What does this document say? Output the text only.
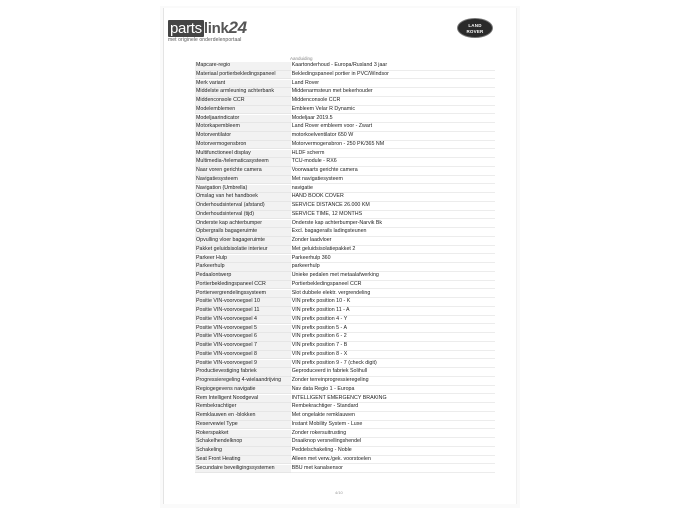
parts link24
met originele onderdelenportaal
LAND
ROVER
Aanduiding
Mapcare-regio	Kaartonderhoud - Europa/Rusland 3 jaar
Materiaal portierbekledingspaneel	Bekledingspaneel portier in PVC/Windsor
Merk variant	Land Rover
Middelste armleuning achterbank	Middenarmsteun met bekerhouder
Middenconsole CCR	Middenconsole CCR
Modelemblemen	Embleem Velar R Dynamic
Modeljaarindicator	Modeljaar 2019.5
Motorkapembleem	Land Rover embleem voor - Zwart
Motorventilator	motorkoelventilator 650 W
Motorvermogensbron	Motorvermogensbron - 250 PK/365 NM
Multifunctioneel display	HLDF scherm
Multimedia-/telematicasysteem	TCU-module - RX6
Naar voren gerichte camera	Voorwaarts gerichte camera
Navigatiesysteem	Met navigatiesysteem
Navigation (Umbrella)	navigatie
Omslag van het handboek	HAND BOOK COVER
Onderhoudsinterval (afstand)	SERVICE DISTANCE 26.000 KM
Onderhoudsinterval (tijd)	SERVICE TIME, 12 MONTHS
Onderste kap achterbumper	Onderste kap achterbumper-Narvik Bk
Opbergrails bagageruimte	Excl. bagagerails ladingsteunen
Opvulling vloer bagageruimte	Zonder laadvloer
Pakket geluidsisolatie interieur	Met geluidsisolatiepakket 2
Parkeer Hulp	Parkeerhulp 360
Parkeerhulp	parkeerhulp
Pedaalontwerp	Unieke pedalen met metaalafwerking
Portierbekledingspaneel CCR	Portierbekledingspaneel CCR
Portiervergrendelingssysteem	Slot dubbele elektr. vergrendeling
Positie VIN-voorvoegsel 10	VIN prefix position 10 - K
Positie VIN-voorvoegsel 11	VIN prefix position 11 - A
Positie VIN-voorvoegsel 4	VIN prefix position 4 - Y
Positie VIN-voorvoegsel 5	VIN prefix position 5 - A
Positie VIN-voorvoegsel 6	VIN prefix position 6 - 2
Positie VIN-voorvoegsel 7	VIN prefix position 7 - B
Positie VIN-voorvoegsel 8	VIN prefix position 8 - X
Positie VIN-voorvoegsel 9	VIN prefix position 9 - 7 (check digit)
Productievestiging fabriek	Geproduceerd in fabriek Solihull
Progressieregeling 4-wielaandrijving	Zonder terreinprogressieregeling
Regiogegevens navigatie	Nav data Regio 1 - Europa
Rem Intelligent Noodgeval	INTELLIGENT EMERGENCY BRAKING
Rembekrachtiger	Rembekrachtiger - Standard
Remklauwen en -blokken	Met ongelakte remklauwen
Reservewiel Type	Instant Mobility System - Luxe
Rokerspakket	Zonder rokersuitrusting
Schakelhendelknop	Draaiknop versnellingshendel
Schakeling	Peddelschakeling - Noble
Seat Front Heating	Alleen met verw./gek. voorstoelen
Secundaire beveiligingssystemen	BBU met kanalsensor
4/10
